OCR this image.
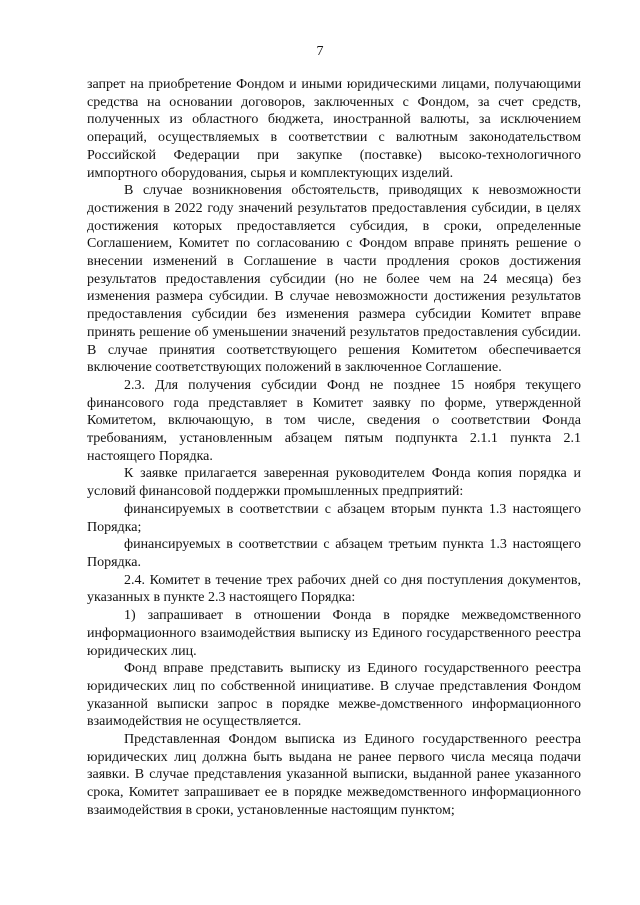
7

запрет на приобретение Фондом и иными юридическими лицами, получающими средства на основании договоров, заключенных с Фондом, за счет средств, полученных из областного бюджета, иностранной валюты, за исключением операций, осуществляемых в соответствии с валютным законодательством Российской Федерации при закупке (поставке) высоко-технологичного импортного оборудования, сырья и комплектующих изделий.

В случае возникновения обстоятельств, приводящих к невозможности достижения в 2022 году значений результатов предоставления субсидии, в целях достижения которых предоставляется субсидия, в сроки, определенные Соглашением, Комитет по согласованию с Фондом вправе принять решение о внесении изменений в Соглашение в части продления сроков достижения результатов предоставления субсидии (но не более чем на 24 месяца) без изменения размера субсидии. В случае невозможности достижения результатов предоставления субсидии без изменения размера субсидии Комитет вправе принять решение об уменьшении значений результатов предоставления субсидии. В случае принятия соответствующего решения Комитетом обеспечивается включение соответствующих положений в заключенное Соглашение.

2.3. Для получения субсидии Фонд не позднее 15 ноября текущего финансового года представляет в Комитет заявку по форме, утвержденной Комитетом, включающую, в том числе, сведения о соответствии Фонда требованиям, установленным абзацем пятым подпункта 2.1.1 пункта 2.1 настоящего Порядка.

К заявке прилагается заверенная руководителем Фонда копия порядка и условий финансовой поддержки промышленных предприятий:

финансируемых в соответствии с абзацем вторым пункта 1.3 настоящего Порядка;

финансируемых в соответствии с абзацем третьим пункта 1.3 настоящего Порядка.

2.4. Комитет в течение трех рабочих дней со дня поступления документов, указанных в пункте 2.3 настоящего Порядка:

1) запрашивает в отношении Фонда в порядке межведомственного информационного взаимодействия выписку из Единого государственного реестра юридических лиц.

Фонд вправе представить выписку из Единого государственного реестра юридических лиц по собственной инициативе. В случае представления Фондом указанной выписки запрос в порядке межве-домственного информационного взаимодействия не осуществляется.

Представленная Фондом выписка из Единого государственного реестра юридических лиц должна быть выдана не ранее первого числа месяца подачи заявки. В случае представления указанной выписки, выданной ранее указанного срока, Комитет запрашивает ее в порядке межведомственного информационного взаимодействия в сроки, установленные настоящим пунктом;
